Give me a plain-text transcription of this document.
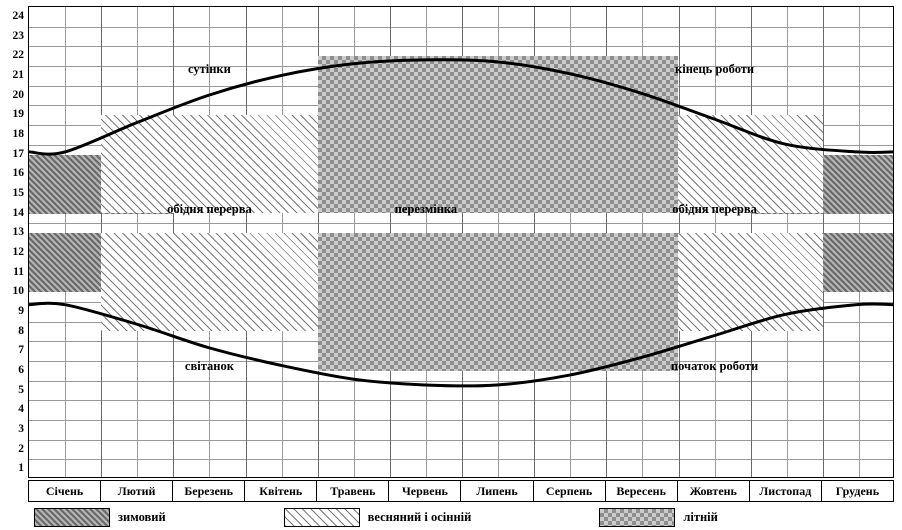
24
23
22
21
20
19
18
17
16
15
14
13
12
11
10
9
8
7
6
5
4
3
2
1
сутінки	кінець роботи
обідня перерва	перезмінка	обідня перерва
світанок	початок роботи
Січень	Лютий	Березень	Квітень	Травень	Червень	Липень	Серпень	Вересень	Жовтень	Листопад	Грудень
зимовий	весняний і осінній	літній
